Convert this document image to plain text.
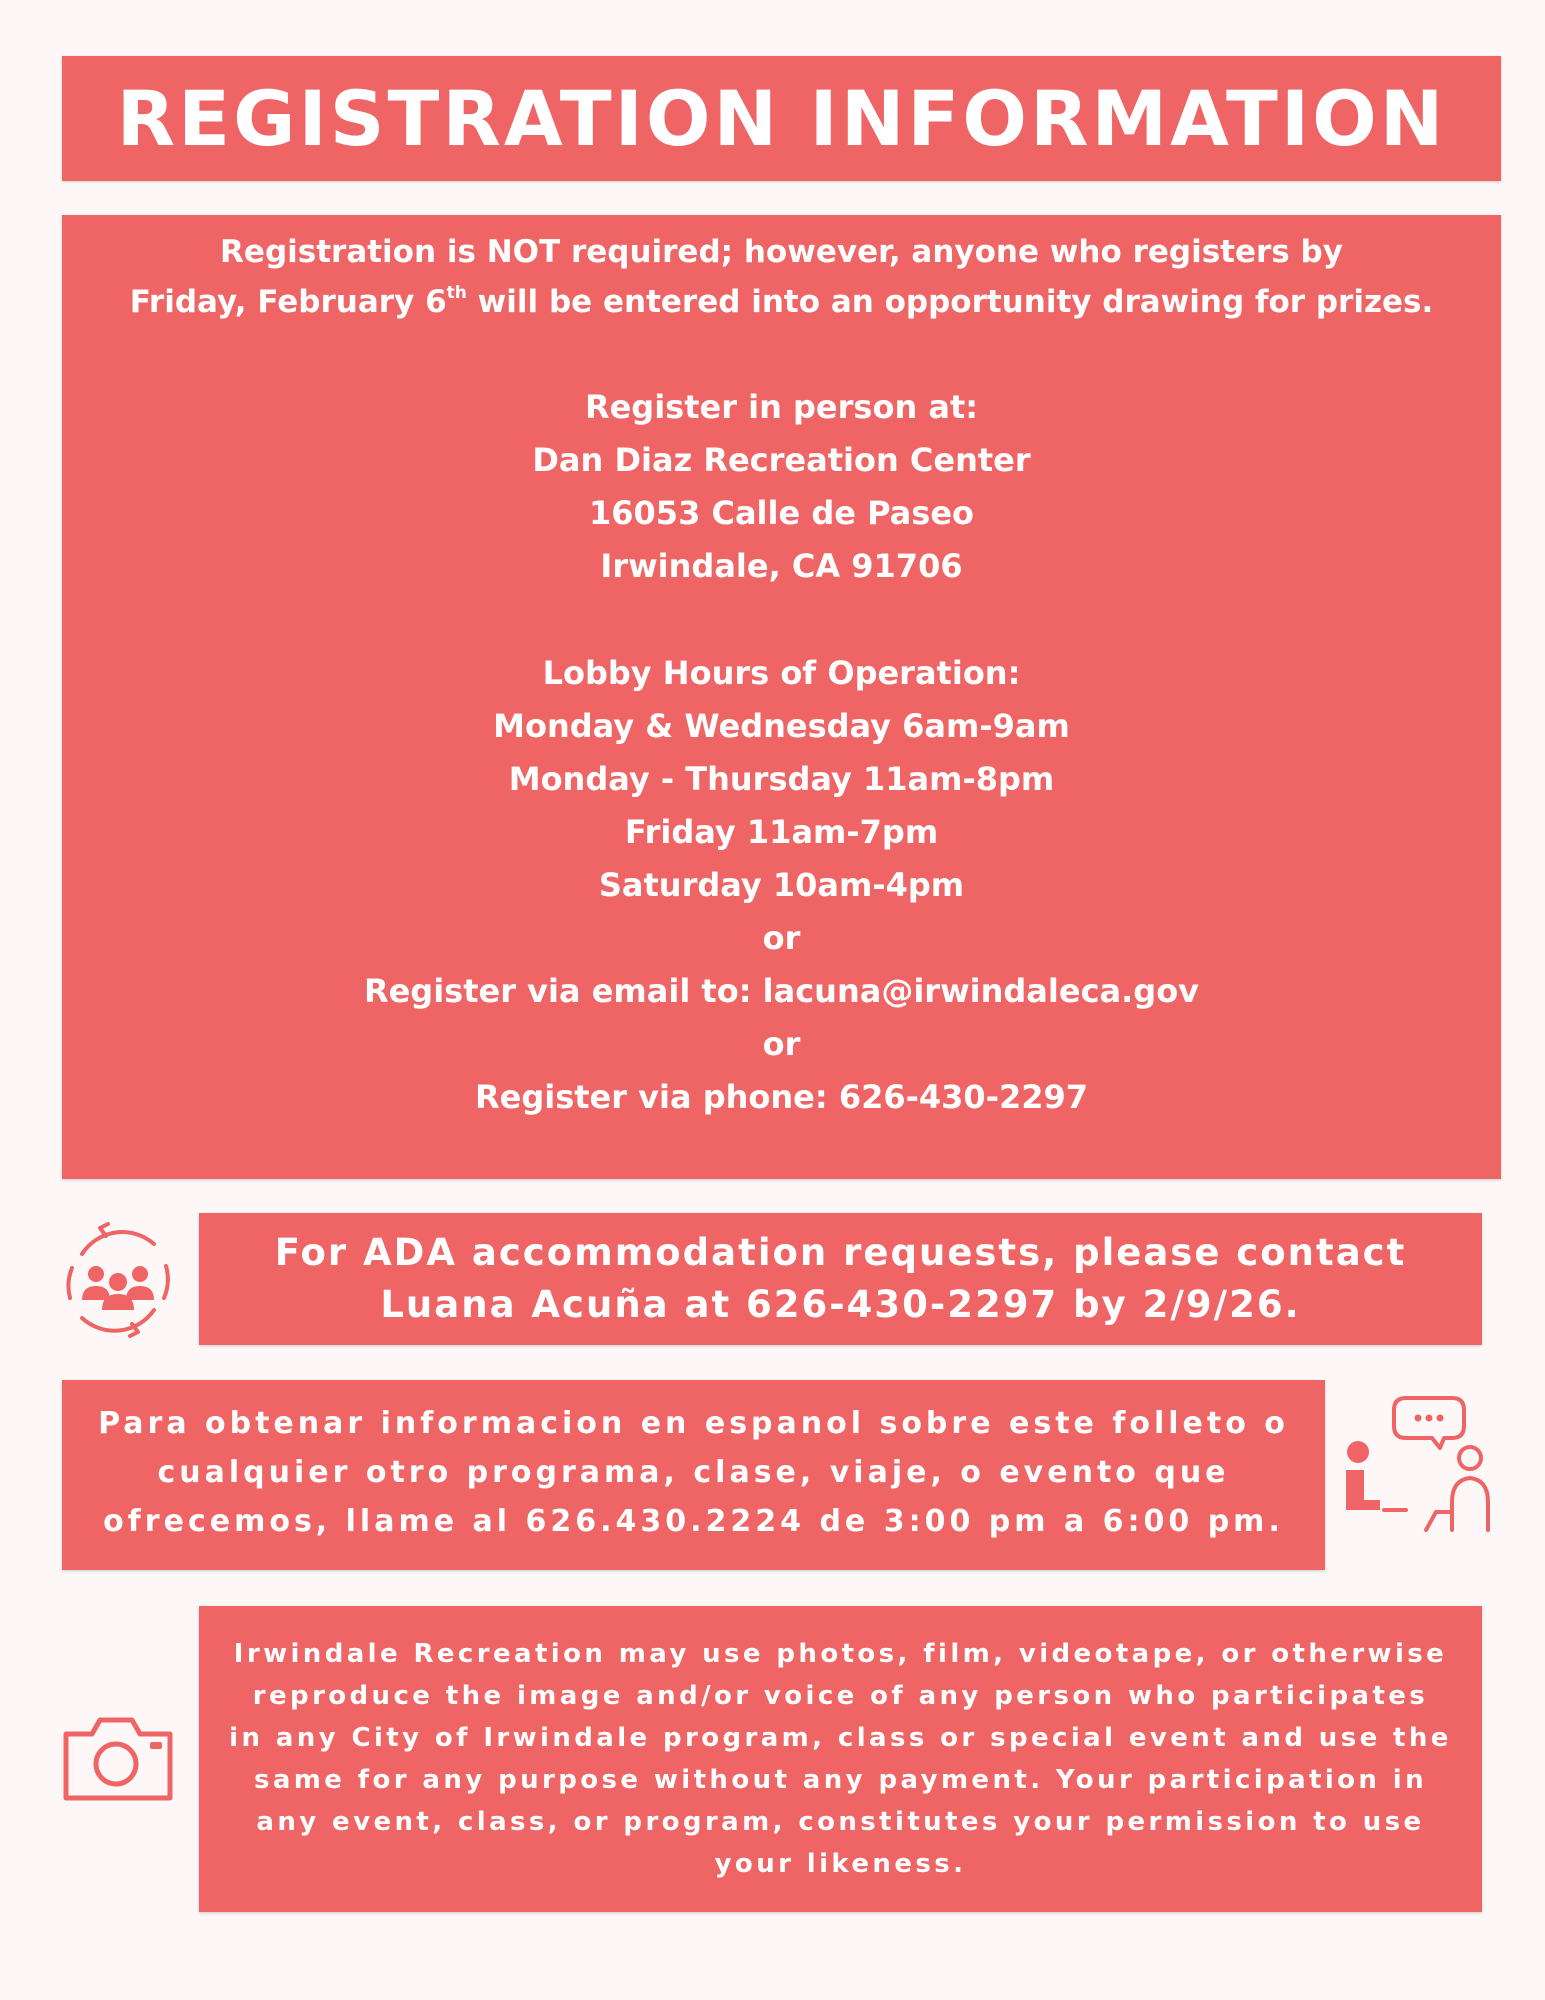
REGISTRATION INFORMATION

Registration is NOT required; however, anyone who registers by
Friday, February 6th will be entered into an opportunity drawing for prizes.

Register in person at:
Dan Diaz Recreation Center
16053 Calle de Paseo
Irwindale, CA 91706
Lobby Hours of Operation:
Monday & Wednesday 6am-9am
Monday - Thursday 11am-8pm
Friday 11am-7pm
Saturday 10am-4pm
or
Register via email to: lacuna@irwindaleca.gov
or
Register via phone: 626-430-2297
For ADA accommodation requests, please contact
Luana Acuña at 626-430-2297 by 2/9/26.
Para obtenar informacion en espanol sobre este folleto o
cualquier otro programa, clase, viaje, o evento que
ofrecemos, llame al 626.430.2224 de 3:00 pm a 6:00 pm.
Irwindale Recreation may use photos, film, videotape, or otherwise
reproduce the image and/or voice of any person who participates
in any City of Irwindale program, class or special event and use the
same for any purpose without any payment. Your participation in
any event, class, or program, constitutes your permission to use
your likeness.
